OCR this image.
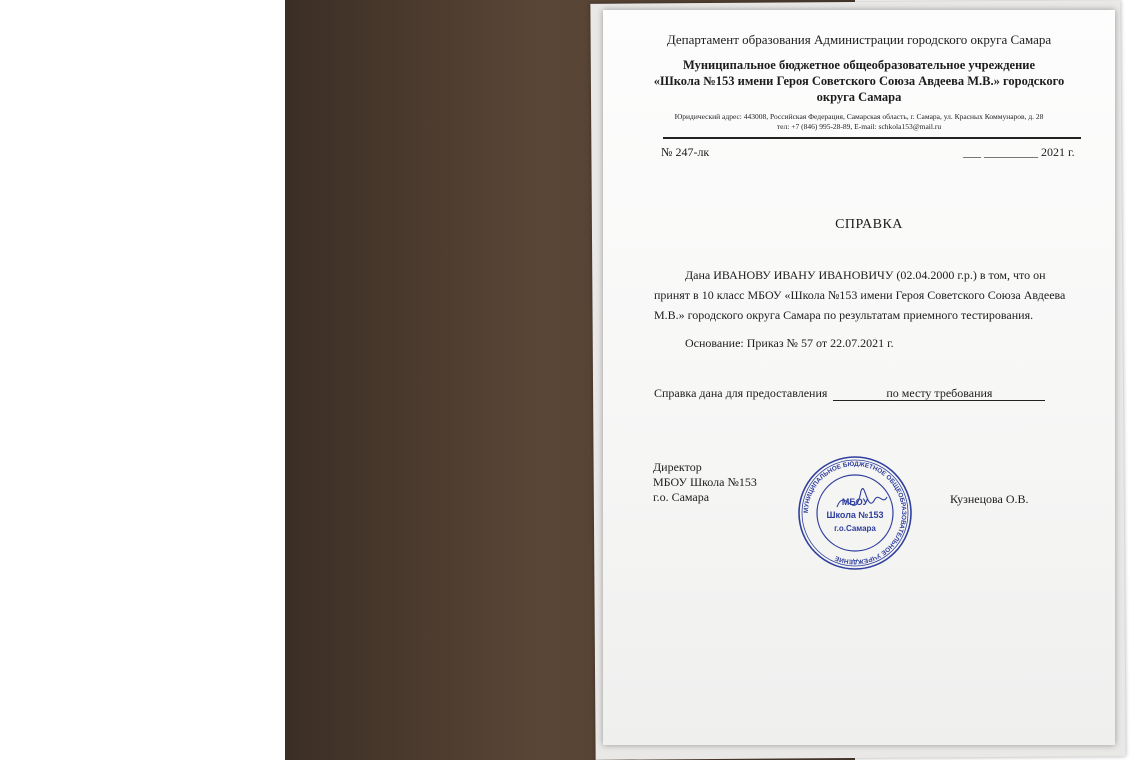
Департамент образования Администрации городского округа Самара
Муниципальное бюджетное общеобразовательное учреждение
«Школа №153 имени Героя Советского Союза Авдеева М.В.» городского
округа Самара
Юридический адрес: 443008, Российская Федерация, Самарская область, г. Самара, ул. Красных Коммунаров, д. 28
тел: +7 (846) 995-28-89, E-mail: schkola153@mail.ru
№ 247-лк	___ _________ 2021 г.
СПРАВКА
Дана ИВАНОВУ ИВАНУ ИВАНОВИЧУ (02.04.2000 г.р.) в том, что он
принят в 10 класс МБОУ «Школа №153 имени Героя Советского Союза Авдеева
М.В.» городского округа Самара по результатам приемного тестирования.
Основание: Приказ № 57 от 22.07.2021 г.
Справка дана для предоставления	по месту требования
Директор
МБОУ Школа №153
г.о. Самара	Кузнецова О.В.
МУНИЦИПАЛЬНОЕ БЮДЖЕТНОЕ ОБЩЕОБРАЗОВАТЕЛЬНОЕ УЧРЕЖДЕНИЕ
МБОУ
Школа №153
г.о.Самара
